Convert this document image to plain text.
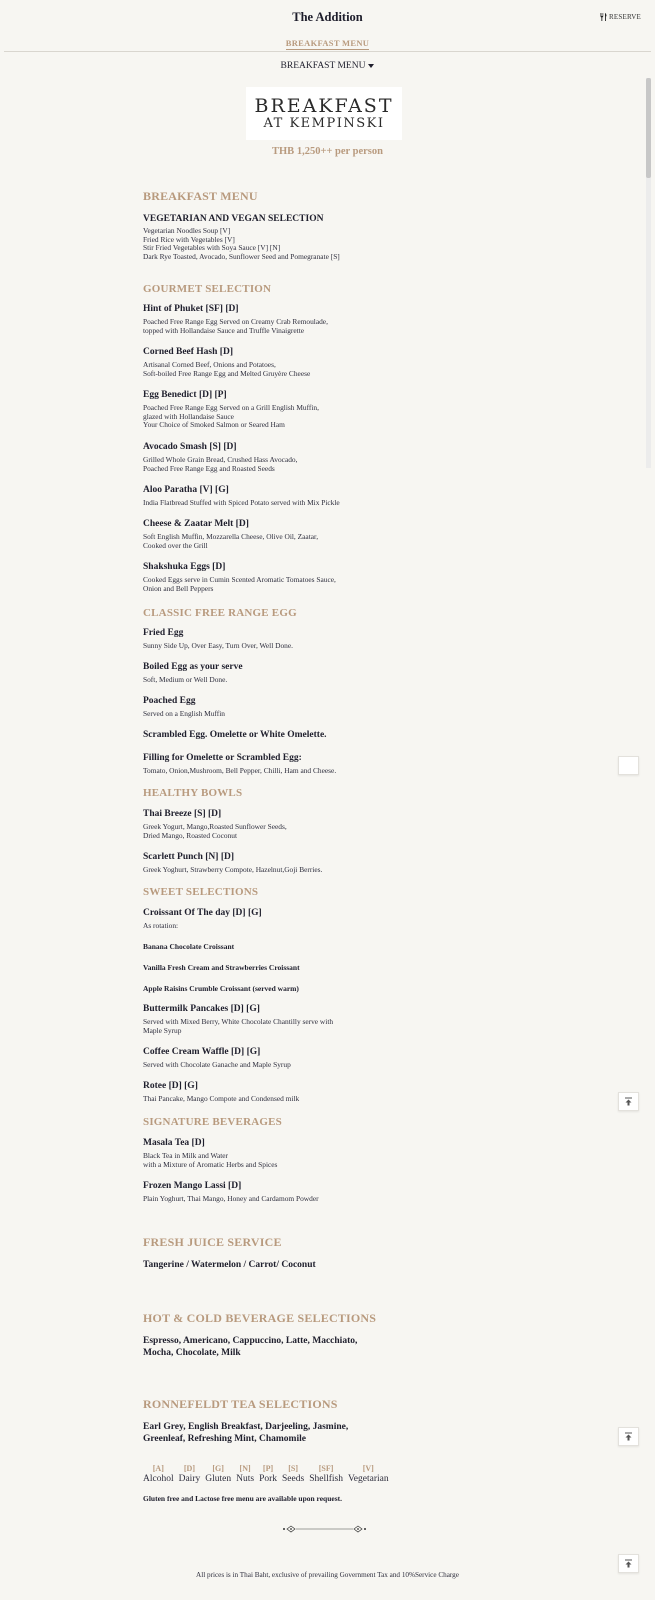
The Addition	RESERVE
BREAKFAST MENU
BREAKFAST MENU
BREAKFAST
AT KEMPINSKI
THB 1,250++ per person
BREAKFAST MENU
VEGETARIAN AND VEGAN SELECTION
Vegetarian Noodles Soup [V]
Fried Rice with Vegetables [V]
Stir Fried Vegetables with Soya Sauce [V] [N]
Dark Rye Toasted, Avocado, Sunflower Seed and Pomegranate [S]
GOURMET SELECTION
Hint of Phuket [SF] [D]
Poached Free Range Egg Served on Creamy Crab Remoulade,
topped with Hollandaise Sauce and Truffle Vinaigrette
Corned Beef Hash [D]
Artisanal Corned Beef, Onions and Potatoes,
Soft-boiled Free Range Egg and Melted Gruyère Cheese
Egg Benedict [D] [P]
Poached Free Range Egg Served on a Grill English Muffin,
glazed with Hollandaise Sauce
Your Choice of Smoked Salmon or Seared Ham
Avocado Smash [S] [D]
Grilled Whole Grain Bread, Crushed Hass Avocado,
Poached Free Range Egg and Roasted Seeds
Aloo Paratha [V] [G]
India Flatbread Stuffed with Spiced Potato served with Mix Pickle
Cheese & Zaatar Melt [D]
Soft English Muffin, Mozzarella Cheese, Olive Oil, Zaatar,
Cooked over the Grill
Shakshuka Eggs [D]
Cooked Eggs serve in Cumin Scented Aromatic Tomatoes Sauce,
Onion and Bell Peppers
CLASSIC FREE RANGE EGG
Fried Egg
Sunny Side Up, Over Easy, Turn Over, Well Done.
Boiled Egg as your serve
Soft, Medium or Well Done.
Poached Egg
Served on a English Muffin
Scrambled Egg. Omelette or White Omelette.
Filling for Omelette or Scrambled Egg:
Tomato, Onion,Mushroom, Bell Pepper, Chilli, Ham and Cheese.
HEALTHY BOWLS
Thai Breeze [S] [D]
Greek Yogurt, Mango,Roasted Sunflower Seeds,
Dried Mango, Roasted Coconut
Scarlett Punch [N] [D]
Greek Yoghurt, Strawberry Compote, Hazelnut,Goji Berries.
SWEET SELECTIONS
Croissant Of The day [D] [G]
As rotation:
Banana Chocolate Croissant
Vanilla Fresh Cream and Strawberries Croissant
Apple Raisins Crumble Croissant (served warm)
Buttermilk Pancakes [D] [G]
Served with Mixed Berry, White Chocolate Chantilly serve with
Maple Syrup
Coffee Cream Waffle [D] [G]
Served with Chocolate Ganache and Maple Syrup
Rotee [D] [G]
Thai Pancake, Mango Compote and Condensed milk
SIGNATURE BEVERAGES
Masala Tea [D]
Black Tea in Milk and Water
with a Mixture of Aromatic Herbs and Spices
Frozen Mango Lassi [D]
Plain Yoghurt, Thai Mango, Honey and Cardamom Powder
FRESH JUICE SERVICE
Tangerine / Watermelon / Carrot/ Coconut
HOT & COLD BEVERAGE SELECTIONS
Espresso, Americano, Cappuccino, Latte, Macchiato,
Mocha, Chocolate, Milk
RONNEFELDT TEA SELECTIONS
Earl Grey, English Breakfast, Darjeeling, Jasmine,
Greenleaf, Refreshing Mint, Chamomile
[A]
Alcohol
[D]
Dairy
[G]
Gluten
[N]
Nuts
[P]
Pork
[S]
Seeds
[SF]
Shellfish
[V]
Vegetarian
Gluten free and Lactose free menu are available upon request.
All prices is in Thai Baht, exclusive of prevailing Government Tax and 10%Service Charge
